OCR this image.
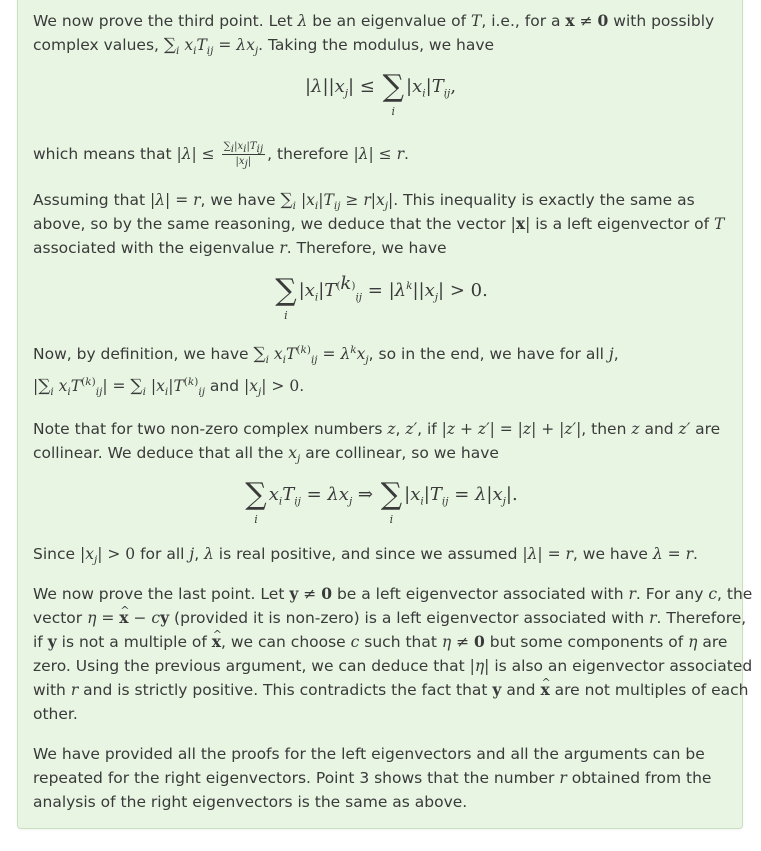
We now prove the third point. Let λ be an eigenvalue of T, i.e., for a x ≠ 0 with possibly
complex values, $\sum_i$ $x_iT_{ij} = \lambda x_j$. Taking the modulus, we have
$|\lambda||x_j|$ ≤ ∑
i
$|x_i|T_{ij}$,
which means that $|\lambda| \le \frac{\sum_i|x_i|T_{ij}}{|x_j|}$ , therefore |λ| ≤ r.
Assuming that |λ| = r, we have $\sum_i$ $|x_i|T_{ij} \ge r|x_j|$. This inequality is exactly the same as
above, so by the same reasoning, we deduce that the vector |x| is a left eigenvector of T
associated with the eigenvalue r. Therefore, we have
∑
i
$|x_i|T^{(k)}_{ij} = |\lambda^k||x_j| > 0$.
Now, by definition, we have $\sum_i$ $x_iT^{(k)}_{ij} = \lambda^kx_j$, so in the end, we have for all j,
$|\sum_i$ $x_iT^{(k)}_{ij}| = \sum_i$ $|x_i|T^{(k)}_{ij}$ and $|x_j| > 0$.
Note that for two non-zero complex numbers z, z′, if |z + z′| = |z| + |z′|, then z and z′ are
collinear. We deduce that all the $x_j$ are collinear, so we have
∑
i
$x_iT_{ij} = \lambda x_j$ ⇒ ∑
i
$|x_i|T_{ij} = \lambda|x_j|$.
Since $|x_j| > 0$ for all j, λ is real positive, and since we assumed |λ| = r, we have λ = r.
We now prove the last point. Let y ≠ 0 be a left eigenvector associated with r. For any c, the
vector η = ^ x − cy (provided it is non-zero) is a left eigenvector associated with r. Therefore,
if y is not a multiple of ^ x, we can choose c such that η ≠ 0 but some components of η are
zero. Using the previous argument, we can deduce that |η| is also an eigenvector associated
with r and is strictly positive. This contradicts the fact that y and ^ x are not multiples of each
other.
We have provided all the proofs for the left eigenvectors and all the arguments can be
repeated for the right eigenvectors. Point 3 shows that the number r obtained from the
analysis of the right eigenvectors is the same as above.
